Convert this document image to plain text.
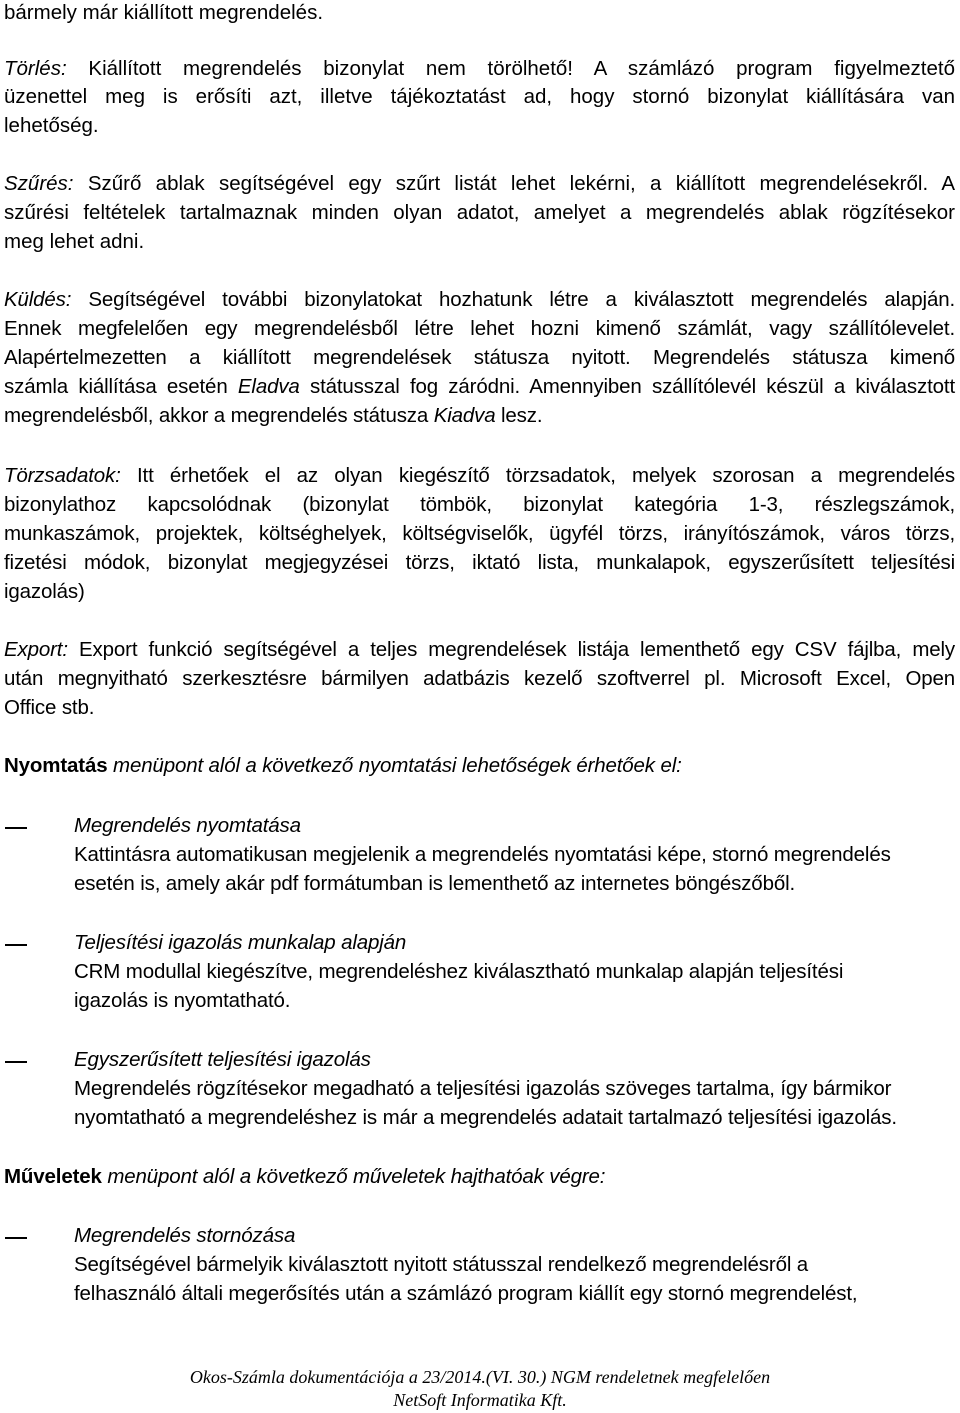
bármely már kiállított megrendelés.
Törlés: Kiállított megrendelés bizonylat nem törölhető! A számlázó program figyelmeztető
üzenettel meg is erősíti azt, illetve tájékoztatást ad, hogy stornó bizonylat kiállítására van
lehetőség.
Szűrés: Szűrő ablak segítségével egy szűrt listát lehet lekérni, a kiállított megrendelésekről. A
szűrési feltételek tartalmaznak minden olyan adatot, amelyet a megrendelés ablak rögzítésekor
meg lehet adni.
Küldés: Segítségével további bizonylatokat hozhatunk létre a kiválasztott megrendelés alapján.
Ennek megfelelően egy megrendelésből létre lehet hozni kimenő számlát, vagy szállítólevelet.
Alapértelmezetten a kiállított megrendelések státusza nyitott. Megrendelés státusza kimenő
számla kiállítása esetén Eladva státusszal fog záródni. Amennyiben szállítólevél készül a kiválasztott
megrendelésből, akkor a megrendelés státusza Kiadva lesz.
Törzsadatok: Itt érhetőek el az olyan kiegészítő törzsadatok, melyek szorosan a megrendelés
bizonylathoz kapcsolódnak (bizonylat tömbök, bizonylat kategória 1-3, részlegszámok,
munkaszámok, projektek, költséghelyek, költségviselők, ügyfél törzs, irányítószámok, város törzs,
fizetési módok, bizonylat megjegyzései törzs, iktató lista, munkalapok, egyszerűsített teljesítési
igazolás)
Export: Export funkció segítségével a teljes megrendelések listája lementhető egy CSV fájlba, mely
után megnyitható szerkesztésre bármilyen adatbázis kezelő szoftverrel pl. Microsoft Excel, Open
Office stb.
Nyomtatás menüpont alól a következő nyomtatási lehetőségek érhetőek el:
Megrendelés nyomtatása
Kattintásra automatikusan megjelenik a megrendelés nyomtatási képe, stornó megrendelés
esetén is, amely akár pdf formátumban is lementhető az internetes böngészőből.
Teljesítési igazolás munkalap alapján
CRM modullal kiegészítve, megrendeléshez kiválasztható munkalap alapján teljesítési
igazolás is nyomtatható.
Egyszerűsített teljesítési igazolás
Megrendelés rögzítésekor megadható a teljesítési igazolás szöveges tartalma, így bármikor
nyomtatható a megrendeléshez is már a megrendelés adatait tartalmazó teljesítési igazolás.
Műveletek menüpont alól a következő műveletek hajthatóak végre:
Megrendelés stornózása
Segítségével bármelyik kiválasztott nyitott státusszal rendelkező megrendelésről a
felhasználó általi megerősítés után a számlázó program kiállít egy stornó megrendelést,
Okos-Számla dokumentációja a 23/2014.(VI. 30.) NGM rendeletnek megfelelően
NetSoft Informatika Kft.
